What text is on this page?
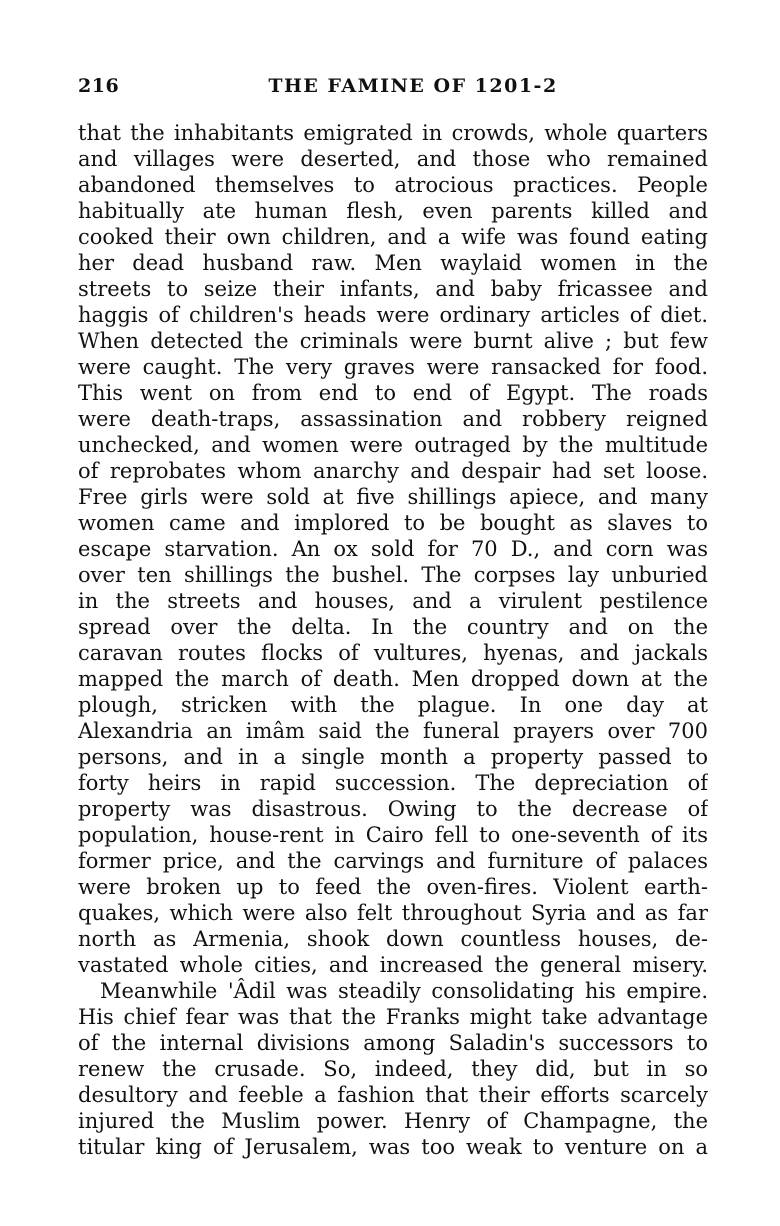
216	THE FAMINE OF 1201-2
that the inhabitants emigrated in crowds, whole quarters
and villages were deserted, and those who remained
abandoned themselves to atrocious practices. People
habitually ate human flesh, even parents killed and
cooked their own children, and a wife was found eating
her dead husband raw. Men waylaid women in the
streets to seize their infants, and baby fricassee and
haggis of children's heads were ordinary articles of diet.
When detected the criminals were burnt alive ; but few
were caught. The very graves were ransacked for food.
This went on from end to end of Egypt. The roads
were death-traps, assassination and robbery reigned
unchecked, and women were outraged by the multitude
of reprobates whom anarchy and despair had set loose.
Free girls were sold at five shillings apiece, and many
women came and implored to be bought as slaves to
escape starvation. An ox sold for 70 D., and corn was
over ten shillings the bushel. The corpses lay unburied
in the streets and houses, and a virulent pestilence
spread over the delta. In the country and on the
caravan routes flocks of vultures, hyenas, and jackals
mapped the march of death. Men dropped down at the
plough, stricken with the plague. In one day at
Alexandria an imâm said the funeral prayers over 700
persons, and in a single month a property passed to
forty heirs in rapid succession. The depreciation of
property was disastrous. Owing to the decrease of
population, house-rent in Cairo fell to one-seventh of its
former price, and the carvings and furniture of palaces
were broken up to feed the oven-fires. Violent earth-
quakes, which were also felt throughout Syria and as far
north as Armenia, shook down countless houses, de-
vastated whole cities, and increased the general misery.
Meanwhile 'Âdil was steadily consolidating his empire.
His chief fear was that the Franks might take advantage
of the internal divisions among Saladin's successors to
renew the crusade. So, indeed, they did, but in so
desultory and feeble a fashion that their efforts scarcely
injured the Muslim power. Henry of Champagne, the
titular king of Jerusalem, was too weak to venture on a
